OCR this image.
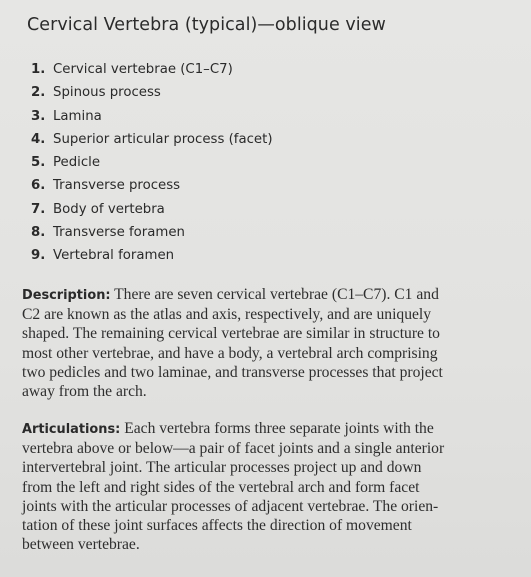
Cervical Vertebra (typical)—oblique view
1. Cervical vertebrae (C1–C7)
2. Spinous process
3. Lamina
4. Superior articular process (facet)
5. Pedicle
6. Transverse process
7. Body of vertebra
8. Transverse foramen
9. Vertebral foramen

Description: There are seven cervical vertebrae (C1–C7). C1 and
C2 are known as the atlas and axis, respectively, and are uniquely
shaped. The remaining cervical vertebrae are similar in structure to
most other vertebrae, and have a body, a vertebral arch comprising
two pedicles and two laminae, and transverse processes that project
away from the arch.

Articulations: Each vertebra forms three separate joints with the
vertebra above or below—a pair of facet joints and a single anterior
intervertebral joint. The articular processes project up and down
from the left and right sides of the vertebral arch and form facet
joints with the articular processes of adjacent vertebrae. The orien-
tation of these joint surfaces affects the direction of movement
between vertebrae.
